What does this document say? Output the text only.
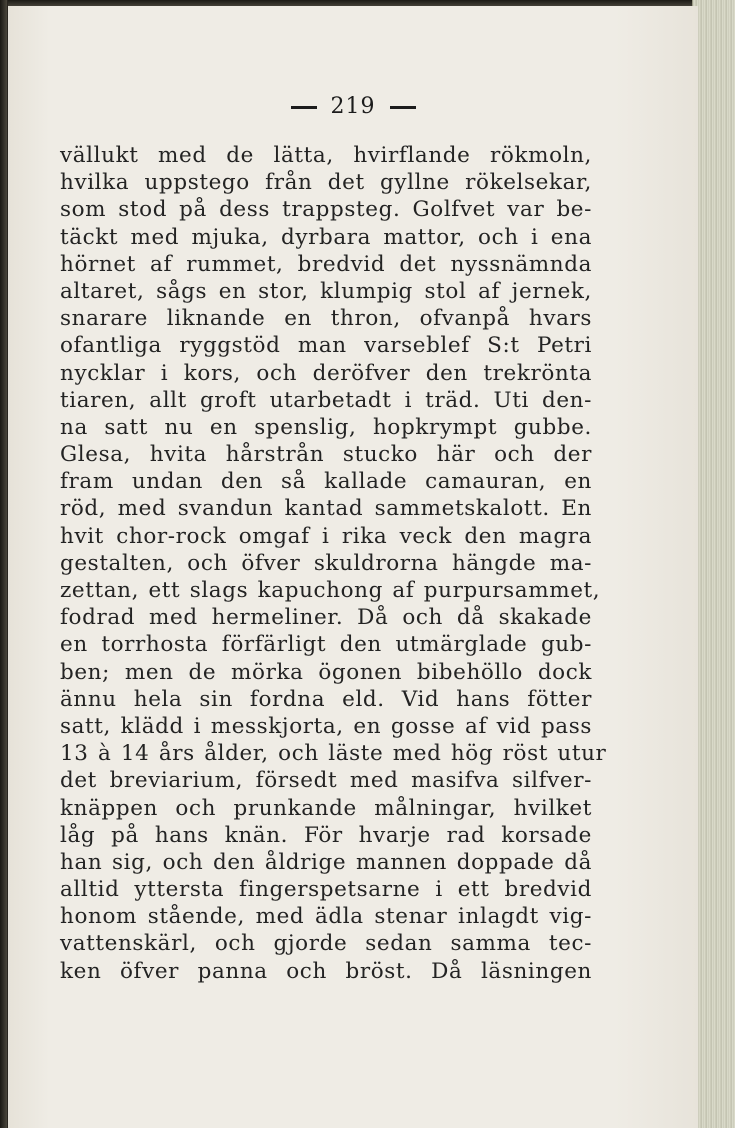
219
vällukt med de lätta, hvirflande rökmoln,
hvilka uppstego från det gyllne rökelsekar,
som stod på dess trappsteg. Golfvet var be-
täckt med mjuka, dyrbara mattor, och i ena
hörnet af rummet, bredvid det nyssnämnda
altaret, sågs en stor, klumpig stol af jernek,
snarare liknande en thron, ofvanpå hvars
ofantliga ryggstöd man varseblef S:t Petri
nycklar i kors, och deröfver den trekrönta
tiaren, allt groft utarbetadt i träd. Uti den-
na satt nu en spenslig, hopkrympt gubbe.
Glesa, hvita hårstrån stucko här och der
fram undan den så kallade camauran, en
röd, med svandun kantad sammetskalott. En
hvit chor-rock omgaf i rika veck den magra
gestalten, och öfver skuldrorna hängde ma-
zettan, ett slags kapuchong af purpursammet,
fodrad med hermeliner. Då och då skakade
en torrhosta förfärligt den utmärglade gub-
ben; men de mörka ögonen bibehöllo dock
ännu hela sin fordna eld. Vid hans fötter
satt, klädd i messkjorta, en gosse af vid pass
13 à 14 års ålder, och läste med hög röst utur
det breviarium, försedt med masifva silfver-
knäppen och prunkande målningar, hvilket
låg på hans knän. För hvarje rad korsade
han sig, och den åldrige mannen doppade då
alltid yttersta fingerspetsarne i ett bredvid
honom stående, med ädla stenar inlagdt vig-
vattenskärl, och gjorde sedan samma tec-
ken öfver panna och bröst. Då läsningen
